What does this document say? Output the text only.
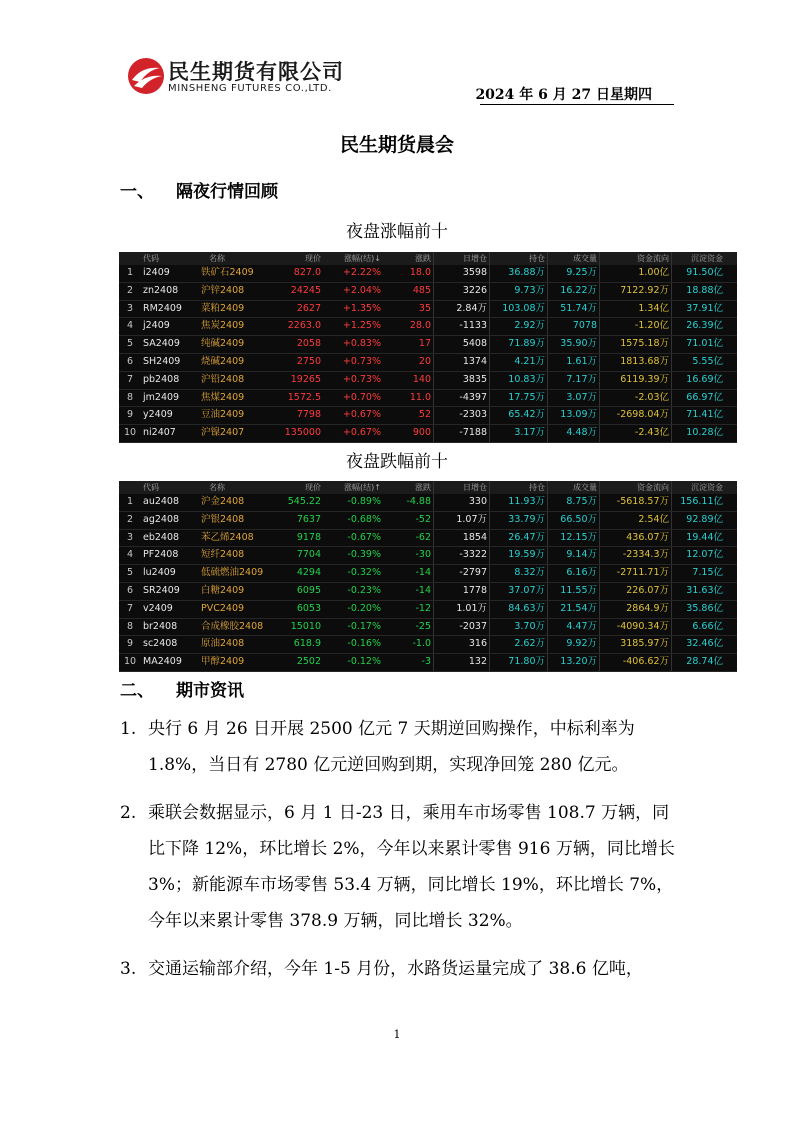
民生期货有限公司
MINSHENG FUTURES CO.,LTD.	2024 年 6 月 27 日星期四
民生期货晨会
一、 隔夜行情回顾
夜盘涨幅前十
代码	名称	现价	涨幅(结)↓	涨跌	日增仓	持仓	成交量	资金流向	沉淀资金
1	i2409	铁矿石2409	827.0	+2.22%	18.0	3598	36.88万	9.25万	1.00亿	91.50亿
2	zn2408	沪锌2408	24245	+2.04%	485	3226	9.73万	16.22万	7122.92万	18.88亿
3	RM2409	菜粕2409	2627	+1.35%	35	2.84万	103.08万	51.74万	1.34亿	37.91亿
4	j2409	焦炭2409	2263.0	+1.25%	28.0	-1133	2.92万	7078	-1.20亿	26.39亿
5	SA2409	纯碱2409	2058	+0.83%	17	5408	71.89万	35.90万	1575.18万	71.01亿
6	SH2409	烧碱2409	2750	+0.73%	20	1374	4.21万	1.61万	1813.68万	5.55亿
7	pb2408	沪铅2408	19265	+0.73%	140	3835	10.83万	7.17万	6119.39万	16.69亿
8	jm2409	焦煤2409	1572.5	+0.70%	11.0	-4397	17.75万	3.07万	-2.03亿	66.97亿
9	y2409	豆油2409	7798	+0.67%	52	-2303	65.42万	13.09万	-2698.04万	71.41亿
10 ni2407	沪镍2407	135000	+0.67%	900	-7188	3.17万	4.48万	-2.43亿	10.28亿
夜盘跌幅前十
代码	名称	现价	涨幅(结)↑	涨跌	日增仓	持仓	成交量	资金流向	沉淀资金
1	au2408	沪金2408	545.22	-0.89%	-4.88	330	11.93万	8.75万	-5618.57万	156.11亿
2	ag2408	沪银2408	7637	-0.68%	-52	1.07万	33.79万	66.50万	2.54亿	92.89亿
3	eb2408	苯乙烯2408	9178	-0.67%	-62	1854	26.47万	12.15万	436.07万	19.44亿
4	PF2408	短纤2408	7704	-0.39%	-30	-3322	19.59万	9.14万	-2334.3万	12.07亿
5	lu2409	低硫燃油2409	4294	-0.32%	-14	-2797	8.32万	6.16万	-2711.71万	7.15亿
6	SR2409	白糖2409	6095	-0.23%	-14	1778	37.07万	11.55万	226.07万	31.63亿
7	v2409	PVC2409	6053	-0.20%	-12	1.01万	84.63万	21.54万	2864.9万	35.86亿
8	br2408	合成橡胶2408	15010	-0.17%	-25	-2037	3.70万	4.47万	-4090.34万	6.66亿
9	sc2408	原油2408	618.9	-0.16%	-1.0	316	2.62万	9.92万	3185.97万	32.46亿
10 MA2409	甲醇2409	2502	-0.12%	-3	132	71.80万	13.20万	-406.62万	28.74亿
二、 期市资讯
1. 央行 6 月 26 日开展 2500 亿元 7 天期逆回购操作，中标利率为 1.8%，当日有 2780 亿元逆回购到期，实现净回笼 280 亿元。
2. 乘联会数据显示，6 月 1 日-23 日，乘用车市场零售 108.7 万辆，同比下降 12%，环比增长 2%，今年以来累计零售 916 万辆，同比增长 3%；新能源车市场零售 53.4 万辆，同比增长 19%，环比增长 7%，今年以来累计零售 378.9 万辆，同比增长 32%。
3. 交通运输部介绍，今年 1-5 月份，水路货运量完成了 38.6 亿吨，
1
